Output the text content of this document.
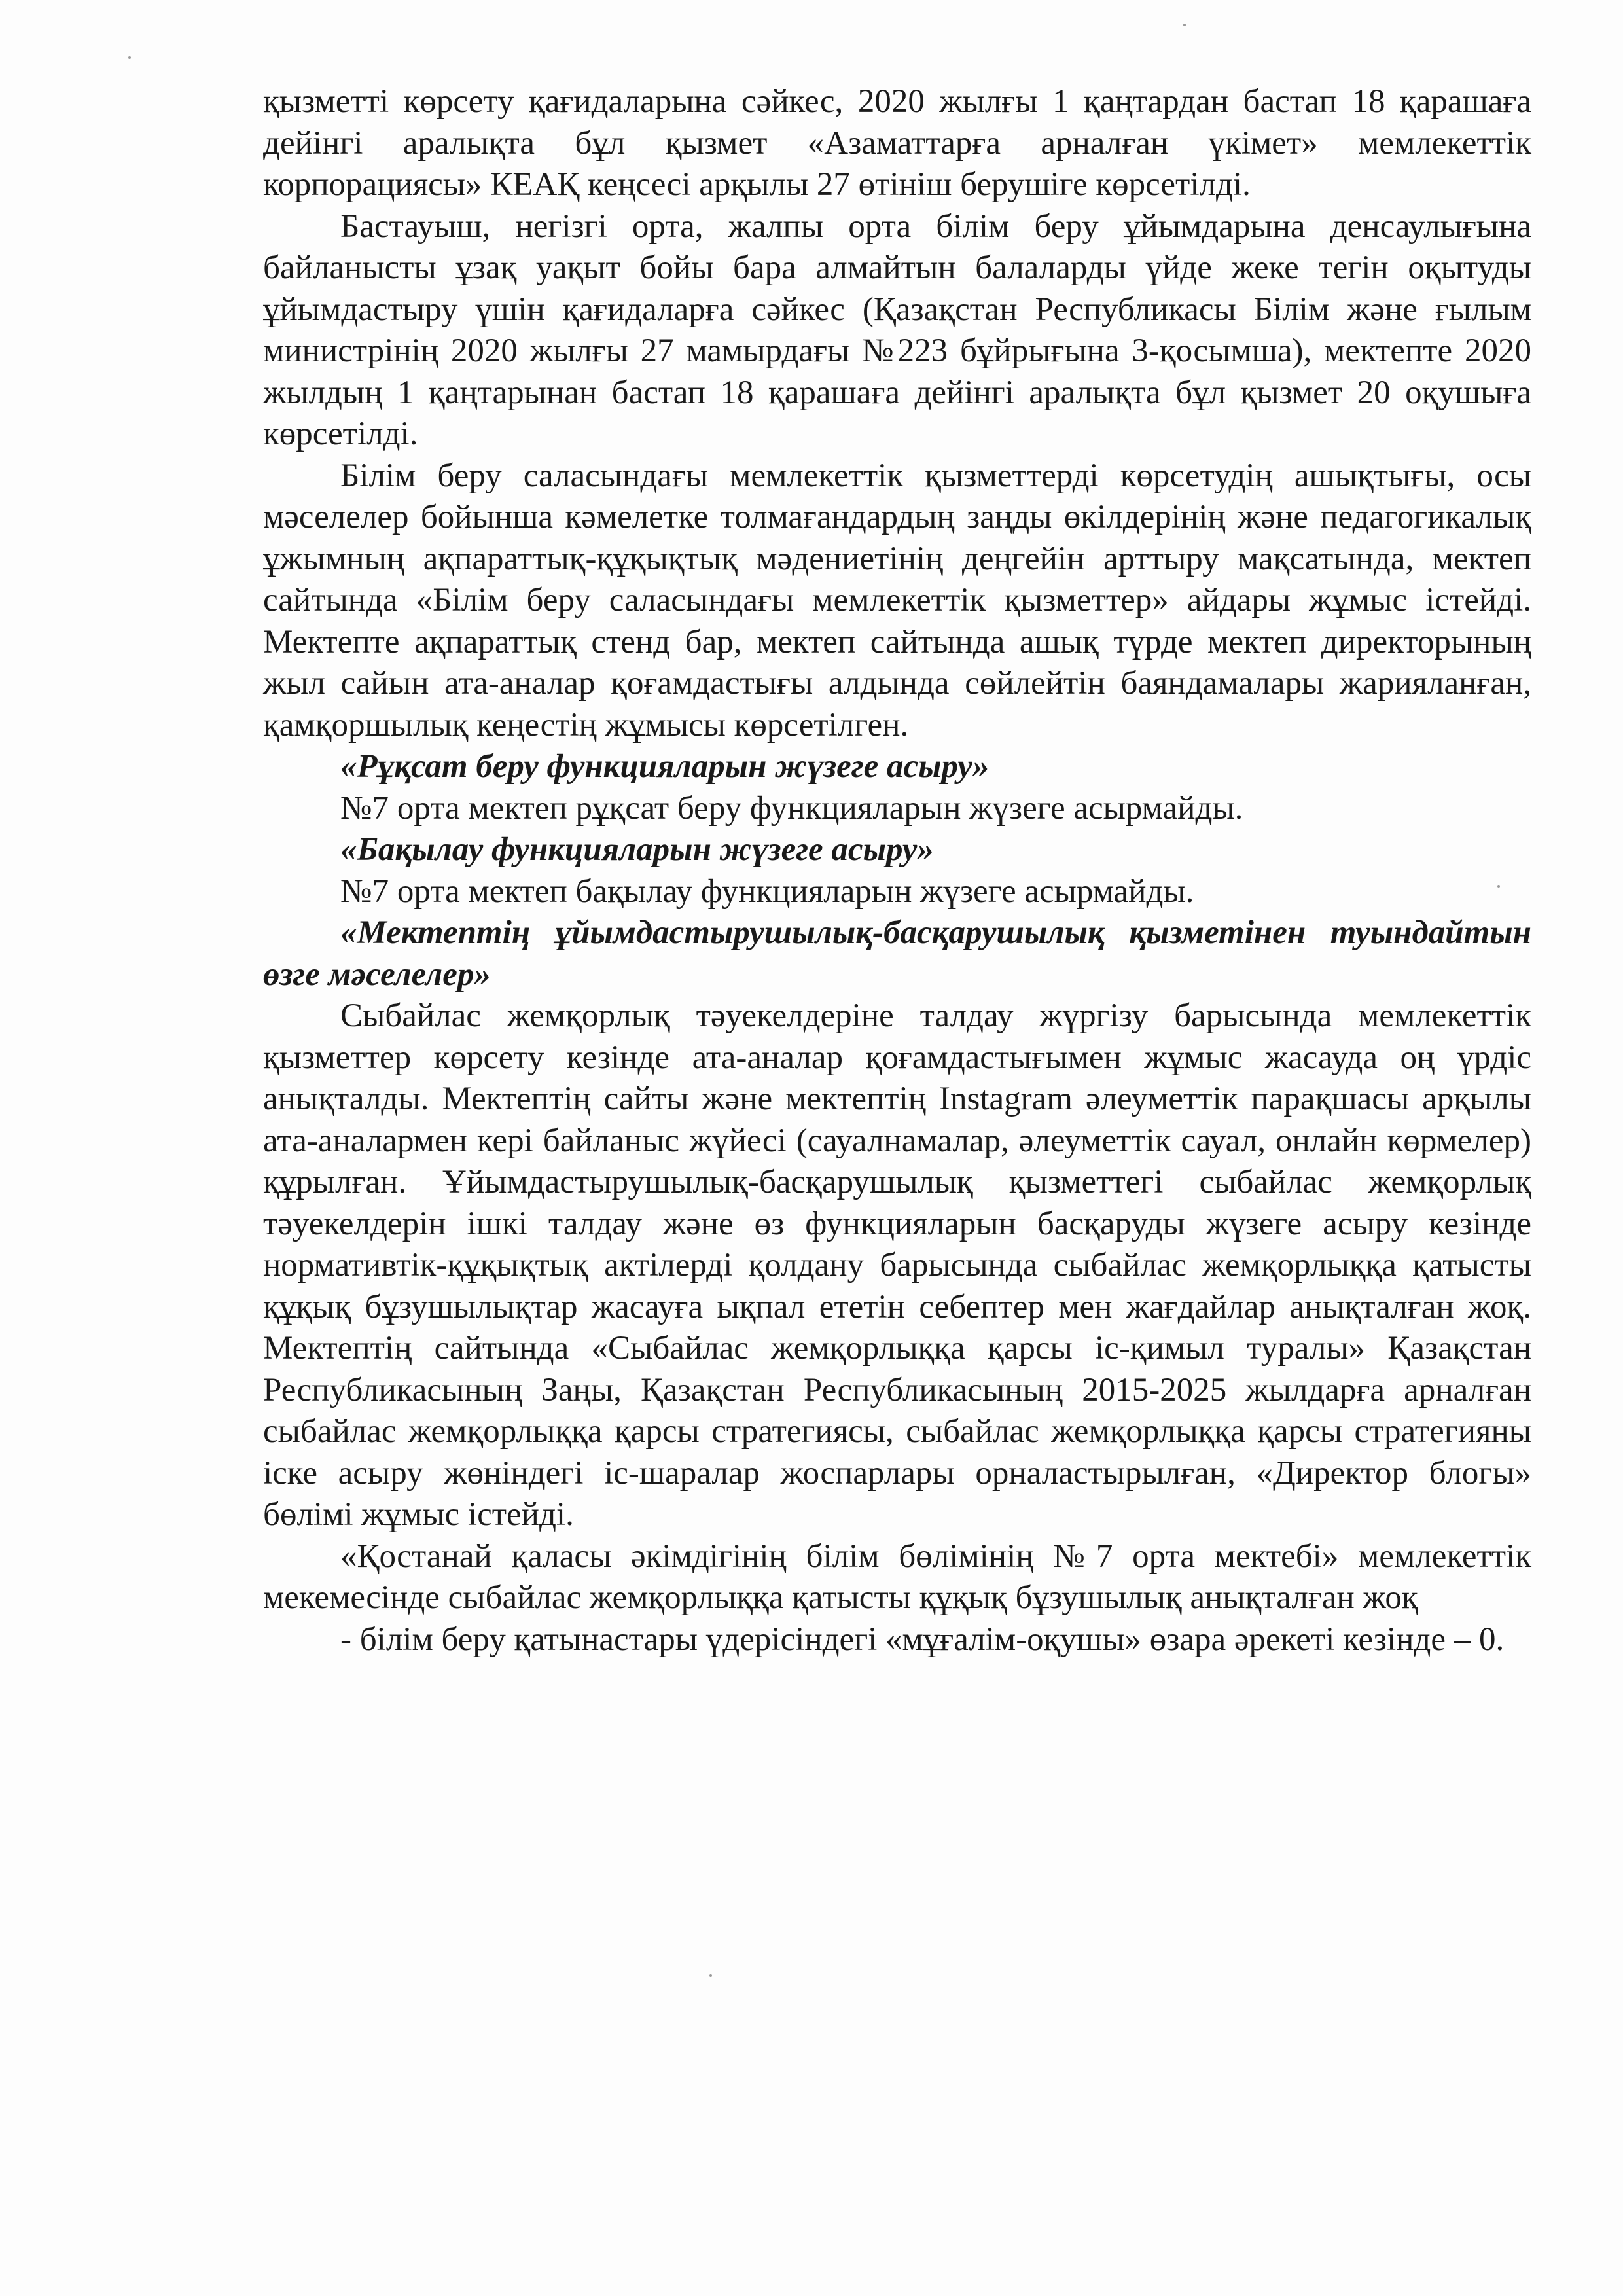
қызметті көрсету қағидаларына сәйкес, 2020 жылғы 1 қаңтардан бастап 18 қарашаға дейінгі аралықта бұл қызмет «Азаматтарға арналған үкімет» мемлекеттік корпорациясы» КЕАҚ кеңсесі арқылы 27 өтініш берушіге көрсетілді.

Бастауыш, негізгі орта, жалпы орта білім беру ұйымдарына денсаулығына байланысты ұзақ уақыт бойы бара алмайтын балаларды үйде жеке тегін оқытуды ұйымдастыру үшін қағидаларға сәйкес (Қазақстан Республикасы Білім және ғылым министрінің 2020 жылғы 27 мамырдағы №223 бұйрығына 3-қосымша), мектепте 2020 жылдың 1 қаңтарынан бастап 18 қарашаға дейінгі аралықта бұл қызмет 20 оқушыға көрсетілді.

Білім беру саласындағы мемлекеттік қызметтерді көрсетудің ашықтығы, осы мәселелер бойынша кәмелетке толмағандардың заңды өкілдерінің және педагогикалық ұжымның ақпараттық-құқықтық мәдениетінің деңгейін арттыру мақсатында, мектеп сайтында «Білім беру саласындағы мемлекеттік қызметтер» айдары жұмыс істейді. Мектепте ақпараттық стенд бар, мектеп сайтында ашық түрде мектеп директорының жыл сайын ата-аналар қоғамдастығы алдында сөйлейтін баяндамалары жарияланған, қамқоршылық кеңестің жұмысы көрсетілген.

«Рұқсат беру функцияларын жүзеге асыру»

№7 орта мектеп рұқсат беру функцияларын жүзеге асырмайды.

«Бақылау функцияларын жүзеге асыру»

№7 орта мектеп бақылау функцияларын жүзеге асырмайды.

«Мектептің ұйымдастырушылық-басқарушылық қызметінен туындайтын өзге мәселелер»

Сыбайлас жемқорлық тәуекелдеріне талдау жүргізу барысында мемлекеттік қызметтер көрсету кезінде ата-аналар қоғамдастығымен жұмыс жасауда оң үрдіс анықталды. Мектептің сайты және мектептің Instagram әлеуметтік парақшасы арқылы ата-аналармен кері байланыс жүйесі (сауалнамалар, әлеуметтік сауал, онлайн көрмелер) құрылған. Ұйымдастырушылық-басқарушылық қызметтегі сыбайлас жемқорлық тәуекелдерін ішкі талдау және өз функцияларын басқаруды жүзеге асыру кезінде нормативтік-құқықтық актілерді қолдану барысында сыбайлас жемқорлыққа қатысты құқық бұзушылықтар жасауға ықпал ететін себептер мен жағдайлар анықталған жоқ. Мектептің сайтында «Сыбайлас жемқорлыққа қарсы іс-қимыл туралы» Қазақстан Республикасының Заңы, Қазақстан Республикасының 2015-2025 жылдарға арналған сыбайлас жемқорлыққа қарсы стратегиясы, сыбайлас жемқорлыққа қарсы стратегияны іске асыру жөніндегі іс-шаралар жоспарлары орналастырылған, «Директор блогы» бөлімі жұмыс істейді.

«Қостанай қаласы әкімдігінің білім бөлімінің №7 орта мектебі» мемлекеттік мекемесінде сыбайлас жемқорлыққа қатысты құқық бұзушылық анықталған жоқ

- білім беру қатынастары үдерісіндегі «мұғалім-оқушы» өзара әрекеті кезінде – 0.
